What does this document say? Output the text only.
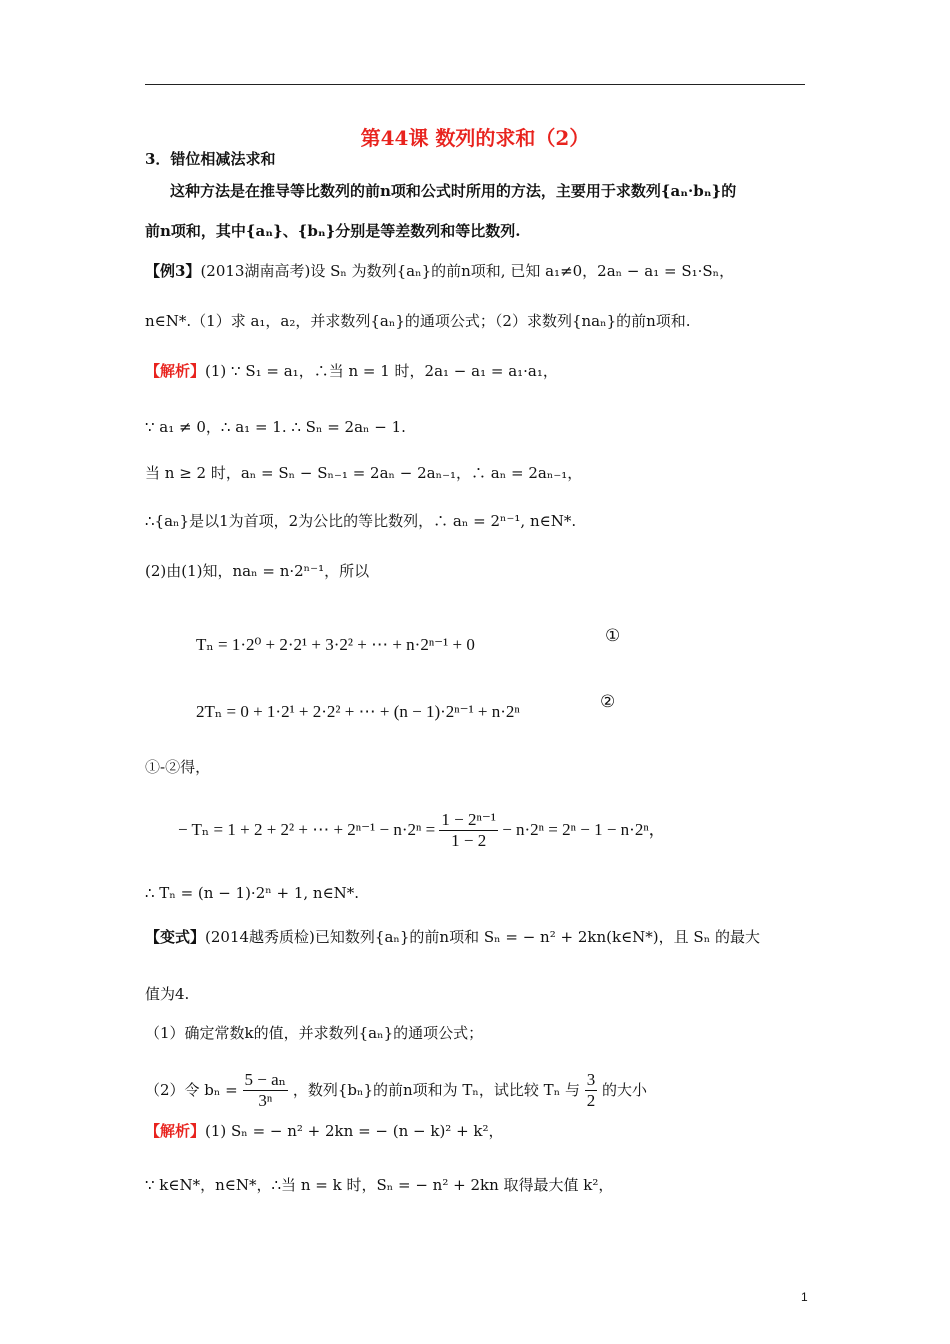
第44课 数列的求和（2）
3．错位相减法求和
这种方法是在推导等比数列的前n项和公式时所用的方法，主要用于求数列{aₙ·bₙ}的
前n项和，其中{aₙ}、{bₙ}分别是等差数列和等比数列.
【例3】(2013湖南高考)设 Sₙ 为数列{aₙ}的前n项和, 已知 a₁≠0，2aₙ − a₁ = S₁·Sₙ，
n∈N*.（1）求 a₁，a₂，并求数列{aₙ}的通项公式；（2）求数列{naₙ}的前n项和.
【解析】(1) ∵ S₁ = a₁，∴当 n = 1 时，2a₁ − a₁ = a₁·a₁，
∵ a₁ ≠ 0，∴ a₁ = 1. ∴ Sₙ = 2aₙ − 1.
当 n ≥ 2 时，aₙ = Sₙ − Sₙ₋₁ = 2aₙ − 2aₙ₋₁，∴ aₙ = 2aₙ₋₁，
∴{aₙ}是以1为首项，2为公比的等比数列，∴ aₙ = 2ⁿ⁻¹, n∈N*.
(2)由(1)知，naₙ = n·2ⁿ⁻¹，所以
Tₙ = 1·2⁰ + 2·2¹ + 3·2² + ⋯ + n·2ⁿ⁻¹ + 0	①
2Tₙ = 0 + 1·2¹ + 2·2² + ⋯ + (n − 1)·2ⁿ⁻¹ + n·2ⁿ	②
①-②得，
− Tₙ = 1 + 2 + 2² + ⋯ + $2^{n-1} - n\cdot 2^n = \frac{\text{1 − 2ⁿ⁻¹}}{1 - 2} - n\cdot 2^n = 2^n - 1 - n\cdot 2^n$，
∴ Tₙ = (n − 1)·2ⁿ + 1, n∈N*.
【变式】(2014越秀质检)已知数列{aₙ}的前n项和 Sₙ = − n² + 2kn(k∈N*)，且 Sₙ 的最大
值为4.
（1）确定常数k的值，并求数列{aₙ}的通项公式；
（2）令 $b_n = \frac{\text{5 − aₙ}}{\text{3ⁿ}}$ ，数列{bₙ}的前n项和为 Tₙ，试比较 Tₙ 与 $\frac{3}{2}$ 的大小
【解析】(1) Sₙ = − n² + 2kn = − (n − k)² + k²，
∵ k∈N*，n∈N*，∴当 n = k 时，Sₙ = − n² + 2kn 取得最大值 k²，
1
